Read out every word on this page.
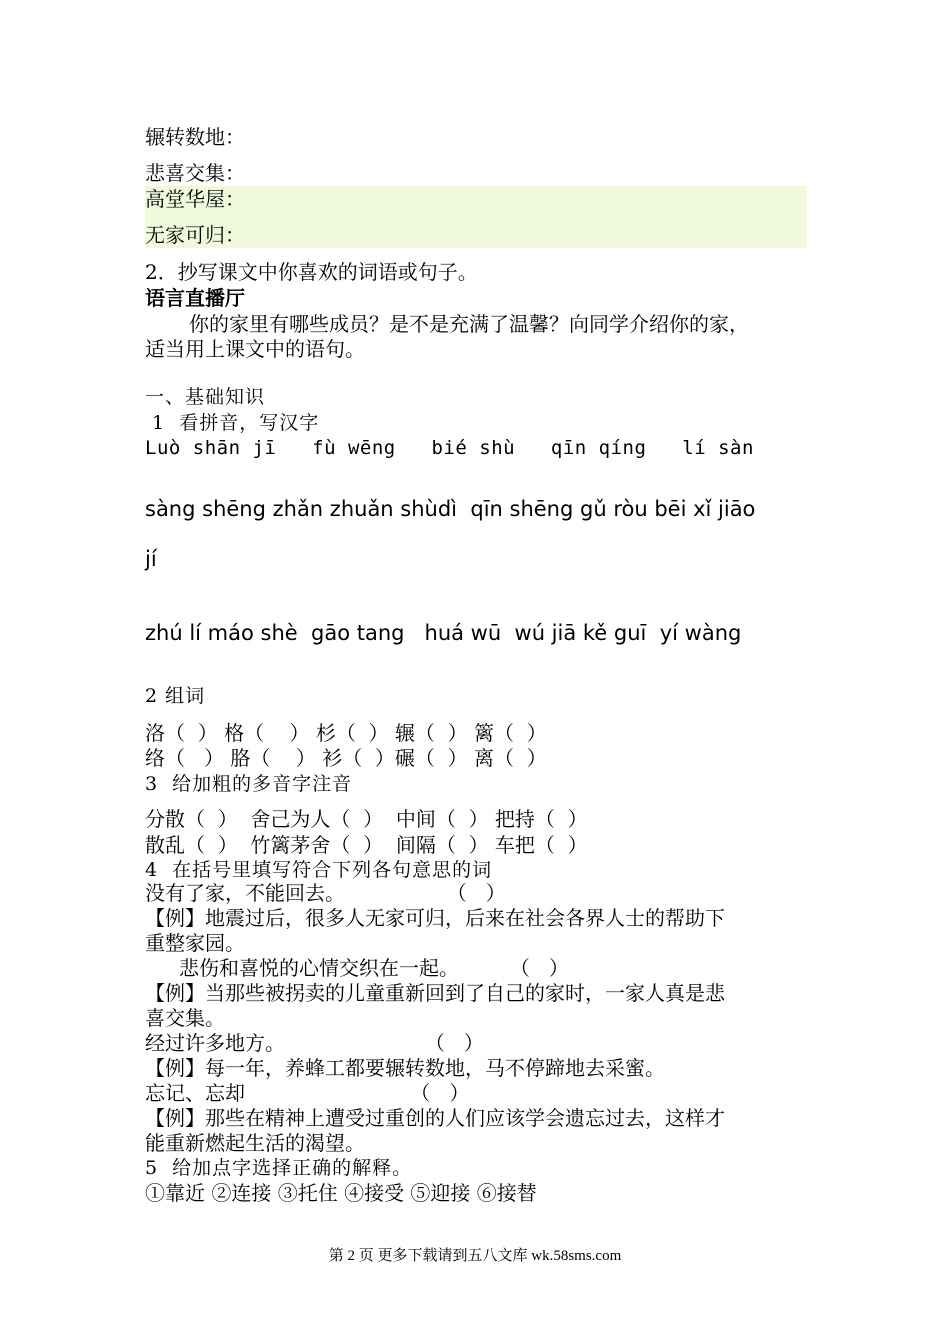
辗转数地：
悲喜交集：
高堂华屋：
无家可归：
2．抄写课文中你喜欢的词语或句子。
语言直播厅
你的家里有哪些成员？是不是充满了温馨？向同学介绍你的家，
适当用上课文中的语句。
一、基础知识
1  看拼音，写汉字
Luò shān jī   fù wēng   bié shù   qīn qíng   lí sàn
sàng shēng zhǎn zhuǎn shùdì  qīn shēng gǔ ròu bēi xǐ jiāo
jí
zhú lí máo shè  gāo tang   huá wū  wú jiā kě guī  yí wàng
2 组词
洛（  ） 格（    ） 杉（  ） 辗（  ） 篱（  ）
络（   ） 胳（    ） 衫（  ）碾（  ） 离（  ）
3  给加粗的多音字注音
分散（  ）  舍己为人（  ）  中间（  ） 把持（  ）
散乱（  ）  竹篱茅舍（  ）  间隔（  ） 车把（  ）
4  在括号里填写符合下列各句意思的词
没有了家，不能回去。                （   ）
【例】地震过后，很多人无家可归，后来在社会各界人士的帮助下
重整家园。
悲伤和喜悦的心情交织在一起。        （   ）
【例】当那些被拐卖的儿童重新回到了自己的家时，一家人真是悲
喜交集。
经过许多地方。                      （   ）
【例】每一年，养蜂工都要辗转数地，马不停蹄地去采蜜。
忘记、忘却                          （   ）
【例】那些在精神上遭受过重创的人们应该学会遗忘过去，这样才
能重新燃起生活的渴望。
5  给加点字选择正确的解释。
①靠近 ②连接 ③托住 ④接受 ⑤迎接 ⑥接替
第 2 页 更多下载请到五八文库 wk.58sms.com
